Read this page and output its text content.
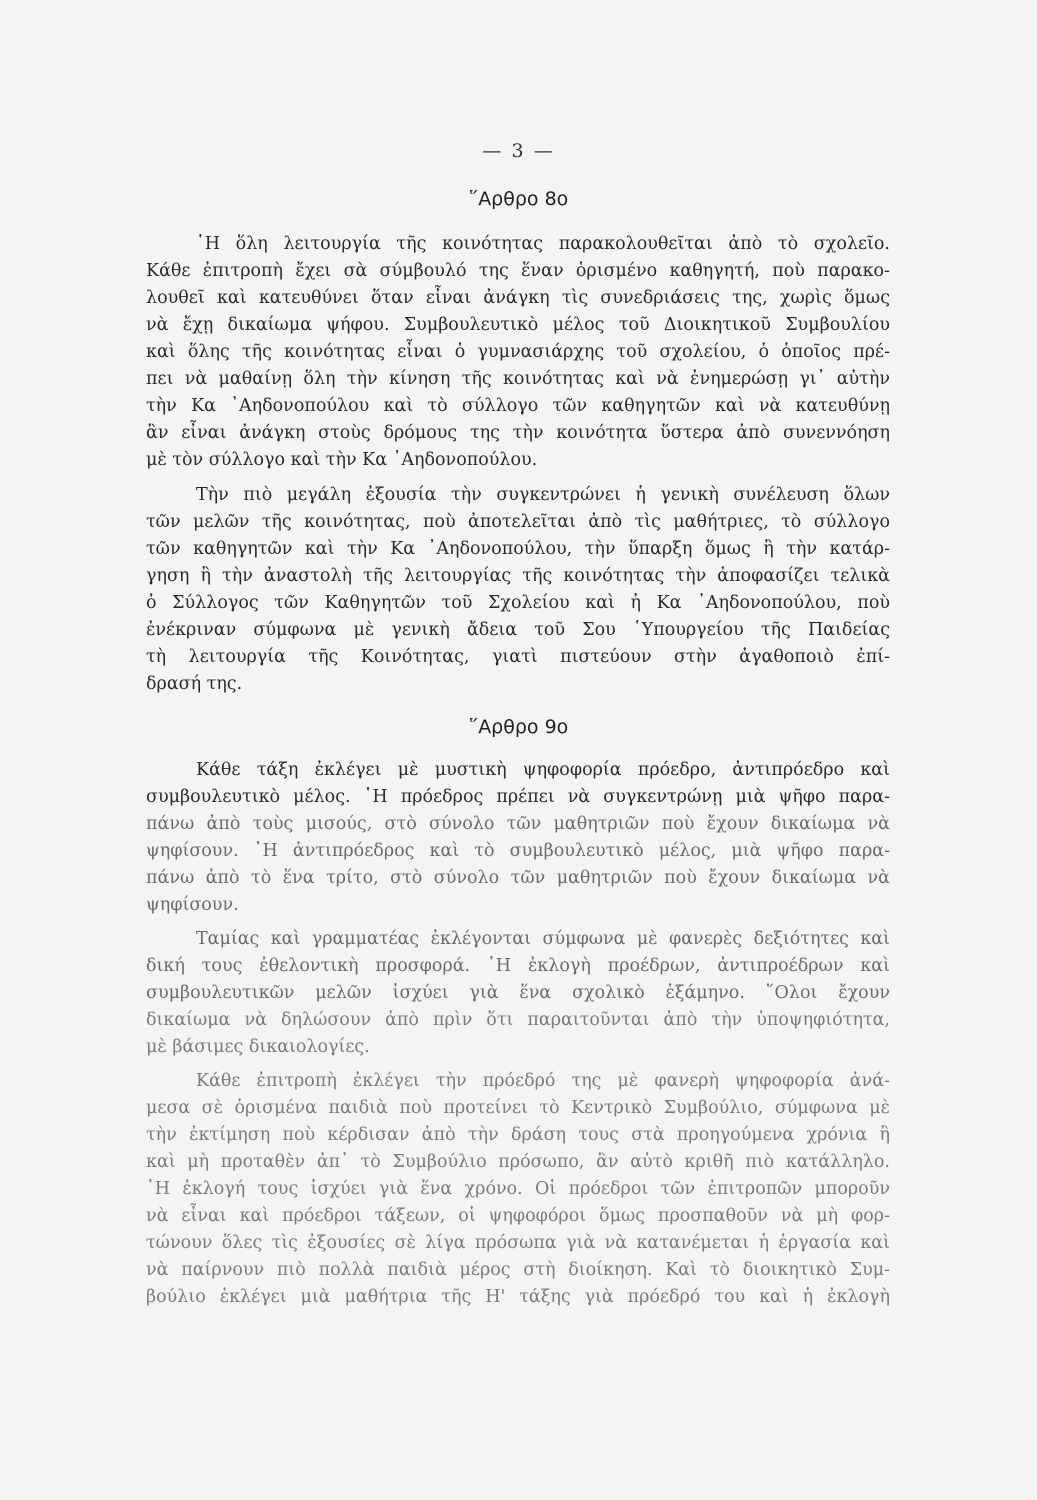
— 3 —
῞Αρθρο 8ο
῾Η ὅλη λειτουργία τῆς κοινότητας παρακολουθεῖται ἀπὸ τὸ σχολεῖο.
Κάθε ἐπιτροπὴ ἔχει σὰ σύμβουλό της ἕναν ὁρισμένο καθηγητή, ποὺ παρακο-
λουθεῖ καὶ κατευθύνει ὅταν εἶναι ἀνάγκη τὶς συνεδριάσεις της, χωρὶς ὅμως
νὰ ἔχῃ δικαίωμα ψήφου. Συμβουλευτικὸ μέλος τοῦ Διοικητικοῦ Συμβουλίου
καὶ ὅλης τῆς κοινότητας εἶναι ὁ γυμνασιάρχης τοῦ σχολείου, ὁ ὁποῖος πρέ-
πει νὰ μαθαίνῃ ὅλη τὴν κίνηση τῆς κοινότητας καὶ νὰ ἐνημερώσῃ γι᾽ αὐτὴν
τὴν Κα ᾿Αηδονοπούλου καὶ τὸ σύλλογο τῶν καθηγητῶν καὶ νὰ κατευθύνῃ
ἂν εἶναι ἀνάγκη στοὺς δρόμους της τὴν κοινότητα ὕστερα ἀπὸ συνεννόηση
μὲ τὸν σύλλογο καὶ τὴν Κα ᾿Αηδονοπούλου.
Τὴν πιὸ μεγάλη ἐξουσία τὴν συγκεντρώνει ἡ γενικὴ συνέλευση ὅλων
τῶν μελῶν τῆς κοινότητας, ποὺ ἀποτελεῖται ἀπὸ τὶς μαθήτριες, τὸ σύλλογο
τῶν καθηγητῶν καὶ τὴν Κα ᾿Αηδονοπούλου, τὴν ὕπαρξη ὅμως ἢ τὴν κατάρ-
γηση ἢ τὴν ἀναστολὴ τῆς λειτουργίας τῆς κοινότητας τὴν ἀποφασίζει τελικὰ
ὁ Σύλλογος τῶν Καθηγητῶν τοῦ Σχολείου καὶ ἡ Κα ᾿Αηδονοπούλου, ποὺ
ἐνέκριναν σύμφωνα μὲ γενικὴ ἄδεια τοῦ Σου ῾Υπουργείου τῆς Παιδείας
τὴ λειτουργία τῆς Κοινότητας, γιατὶ πιστεύουν στὴν ἀγαθοποιὸ ἐπί-
δρασή της.
῞Αρθρο 9ο
Κάθε τάξη ἐκλέγει μὲ μυστικὴ ψηφοφορία πρόεδρο, ἀντιπρόεδρο καὶ
συμβουλευτικὸ μέλος. ῾Η πρόεδρος πρέπει νὰ συγκεντρώνῃ μιὰ ψῆφο παρα-
πάνω ἀπὸ τοὺς μισούς, στὸ σύνολο τῶν μαθητριῶν ποὺ ἔχουν δικαίωμα νὰ
ψηφίσουν. ῾Η ἀντιπρόεδρος καὶ τὸ συμβουλευτικὸ μέλος, μιὰ ψῆφο παρα-
πάνω ἀπὸ τὸ ἕνα τρίτο, στὸ σύνολο τῶν μαθητριῶν ποὺ ἔχουν δικαίωμα νὰ
ψηφίσουν.
Ταμίας καὶ γραμματέας ἐκλέγονται σύμφωνα μὲ φανερὲς δεξιότητες καὶ
δική τους ἐθελοντικὴ προσφορά. ῾Η ἐκλογὴ προέδρων, ἀντιπροέδρων καὶ
συμβουλευτικῶν μελῶν ἰσχύει γιὰ ἕνα σχολικὸ ἑξάμηνο. ῞Ολοι ἔχουν
δικαίωμα νὰ δηλώσουν ἀπὸ πρὶν ὅτι παραιτοῦνται ἀπὸ τὴν ὑποψηφιότητα,
μὲ βάσιμες δικαιολογίες.
Κάθε ἐπιτροπὴ ἐκλέγει τὴν πρόεδρό της μὲ φανερὴ ψηφοφορία ἀνά-
μεσα σὲ ὁρισμένα παιδιὰ ποὺ προτείνει τὸ Κεντρικὸ Συμβούλιο, σύμφωνα μὲ
τὴν ἐκτίμηση ποὺ κέρδισαν ἀπὸ τὴν δράση τους στὰ προηγούμενα χρόνια ἢ
καὶ μὴ προταθὲν ἀπ᾽ τὸ Συμβούλιο πρόσωπο, ἂν αὐτὸ κριθῆ πιὸ κατάλληλο.
῾Η ἐκλογή τους ἰσχύει γιὰ ἕνα χρόνο. Οἱ πρόεδροι τῶν ἐπιτροπῶν μποροῦν
νὰ εἶναι καὶ πρόεδροι τάξεων, οἱ ψηφοφόροι ὅμως προσπαθοῦν νὰ μὴ φορ-
τώνουν ὅλες τὶς ἐξουσίες σὲ λίγα πρόσωπα γιὰ νὰ κατανέμεται ἡ ἐργασία καὶ
νὰ παίρνουν πιὸ πολλὰ παιδιὰ μέρος στὴ διοίκηση. Καὶ τὸ διοικητικὸ Συμ-
βούλιο ἐκλέγει μιὰ μαθήτρια τῆς Η' τάξης γιὰ πρόεδρό του καὶ ἡ ἐκλογὴ
